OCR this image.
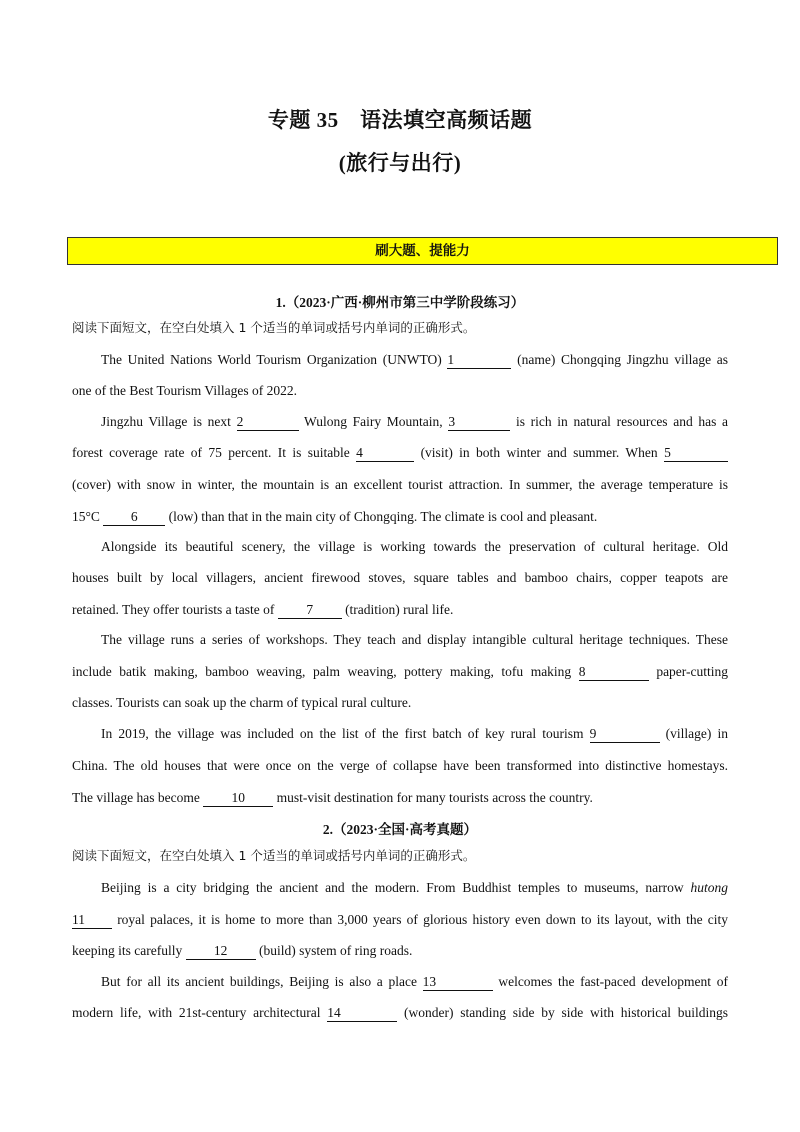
专题 35　语法填空高频话题
(旅行与出行)
刷大题、提能力
1.（2023·广西·柳州市第三中学阶段练习）
阅读下面短文，在空白处填入 1 个适当的单词或括号内单词的正确形式。
The United Nations World Tourism Organization (UNWTO) 1	(name) Chongqing Jingzhu village as
one of the Best Tourism Villages of 2022.
Jingzhu Village is next 2	Wulong Fairy Mountain, 3	is rich in natural resources and has a
forest coverage rate of 75 percent. It is suitable 4	(visit) in both winter and summer. When 5
(cover) with snow in winter, the mountain is an excellent tourist attraction. In summer, the average temperature is
15°C 6 (low) than that in the main city of Chongqing. The climate is cool and pleasant.
Alongside its beautiful scenery, the village is working towards the preservation of cultural heritage. Old
houses built by local villagers, ancient firewood stoves, square tables and bamboo chairs, copper teapots are
retained. They offer tourists a taste of 7 (tradition) rural life.
The village runs a series of workshops. They teach and display intangible cultural heritage techniques. These
include batik making, bamboo weaving, palm weaving, pottery making, tofu making 8	paper-cutting
classes. Tourists can soak up the charm of typical rural culture.
In 2019, the village was included on the list of the first batch of key rural tourism 9	(village) in
China. The old houses that were once on the verge of collapse have been transformed into distinctive homestays.
The village has become 10 must-visit destination for many tourists across the country.
2.（2023·全国·高考真题）
阅读下面短文，在空白处填入 1 个适当的单词或括号内单词的正确形式。
Beijing is a city bridging the ancient and the modern. From Buddhist temples to museums, narrow hutong
11 royal palaces, it is home to more than 3,000 years of glorious history even down to its layout, with the city
keeping its carefully 12 (build) system of ring roads.
But for all its ancient buildings, Beijing is also a place 13	welcomes the fast-paced development of
modern life, with 21st-century architectural 14	(wonder) standing side by side with historical buildings
